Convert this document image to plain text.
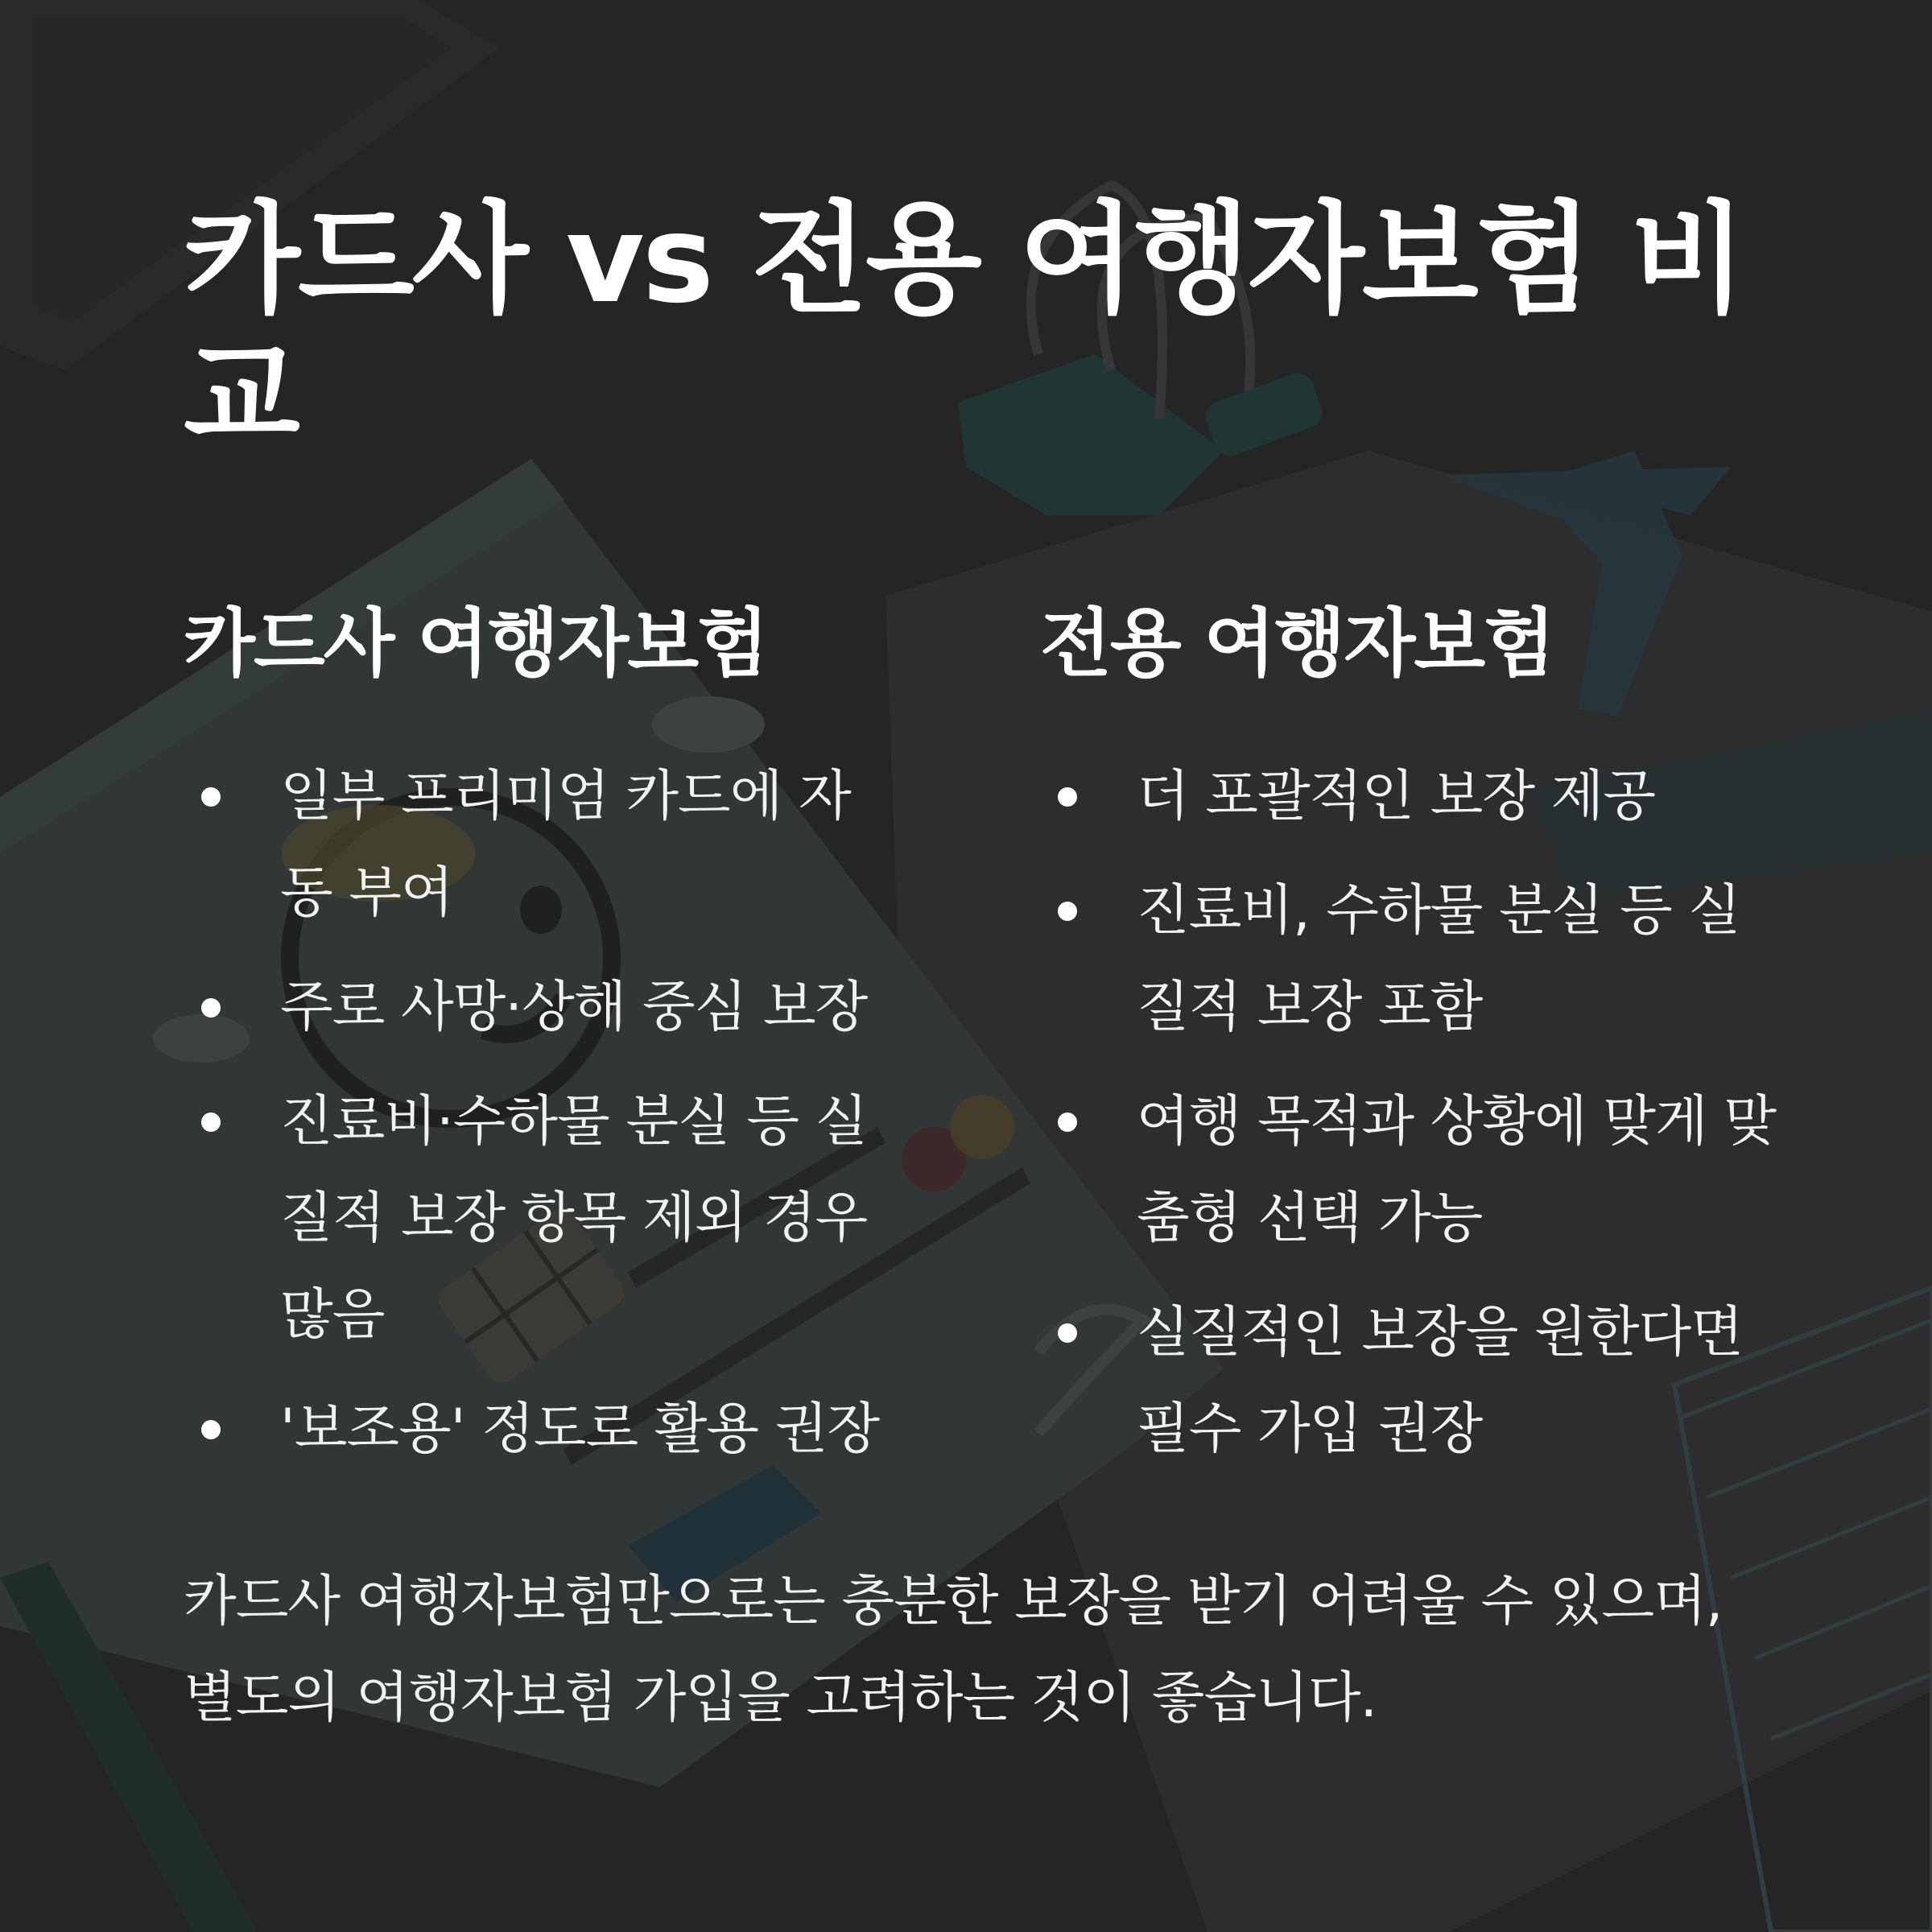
카드사 vs 전용 여행자보험 비교
카드사 여행자보험
일부 프리미엄 카드에 자동 부여
주로 사망·상해 중심 보장
진료비·수하물 분실 등 실질적 보장 항목 제외 경우 많음
'보조용' 정도로 활용 권장
전용 여행자보험
더 포괄적인 보장 제공
진료비, 수하물 분실 등 실질적 보장 포함
여행 목적과 상황에 맞게 맞춤형 선택 가능
실질적인 보장을 원한다면 필수 가입 권장

카드사 여행자보험만으로는 충분한 보장을 받기 어려울 수 있으며, 별도의 여행자보험 가입을 고려하는 것이 좋습니다.
